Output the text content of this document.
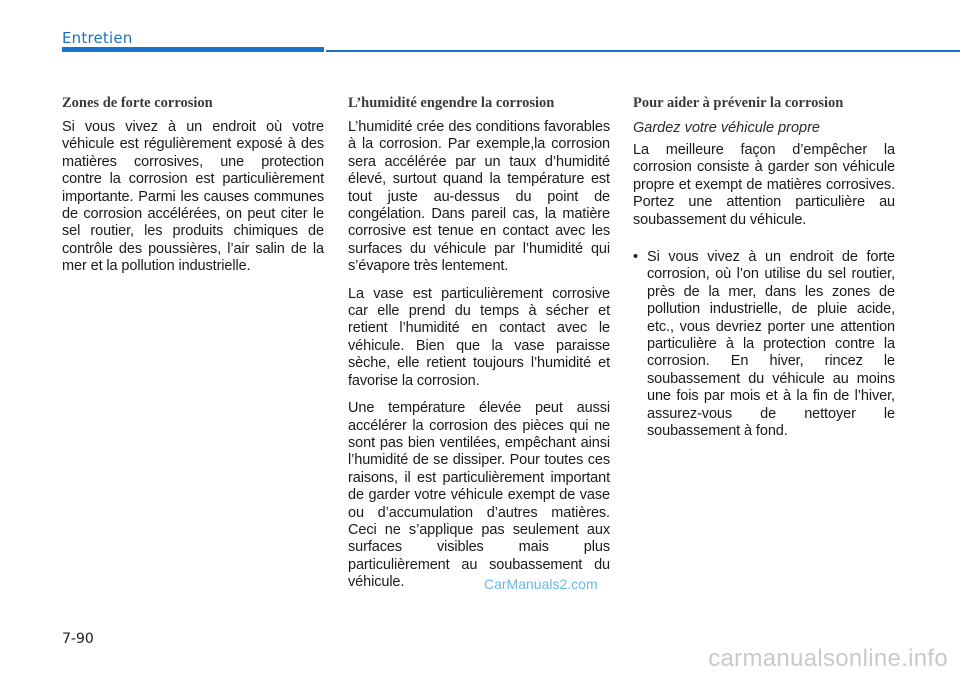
Entretien
Zones de forte corrosion

Si vous vivez à un endroit où votre véhicule est régulièrement exposé à des matières corrosives, une protection contre la corrosion est particulièrement importante. Parmi les causes communes de corrosion accélérées, on peut citer le sel routier, les produits chimiques de contrôle des poussières, l’air salin de la mer et la pollution industrielle.

L’humidité engendre la corrosion

L’humidité crée des conditions favorables à la corrosion. Par exemple,la corrosion sera accélérée par un taux d’humidité élevé, surtout quand la température est tout juste au-dessus du point de congélation. Dans pareil cas, la matière corrosive est tenue en contact avec les surfaces du véhicule par l’humidité qui s’évapore très lentement.

La vase est particulièrement corrosive car elle prend du temps à sécher et retient l’humidité en contact avec le véhicule. Bien que la vase paraisse sèche, elle retient toujours l’humidité et favorise la corrosion.

Une température élevée peut aussi accélérer la corrosion des pièces qui ne sont pas bien ventilées, empêchant ainsi l’humidité de se dissiper. Pour toutes ces raisons, il est particulièrement important de garder votre véhicule exempt de vase ou d’accumulation d’autres matières. Ceci ne s’applique pas seulement aux surfaces visibles mais plus particulièrement au soubassement du véhicule.

Pour aider à prévenir la corrosion
Gardez votre véhicule propre

La meilleure façon d’empêcher la corrosion consiste à garder son véhicule propre et exempt de matières corrosives. Portez une attention particulière au soubassement du véhicule.

• Si vous vivez à un endroit de forte corrosion, où l’on utilise du sel routier, près de la mer, dans les zones de pollution industrielle, de pluie acide, etc., vous devriez porter une attention particulière à la protection contre la corrosion. En hiver, rincez le soubassement du véhicule au moins une fois par mois et à la fin de l’hiver, assurez-vous de nettoyer le soubassement à fond.
7-90
CarManuals2.com
carmanualsonline.info
